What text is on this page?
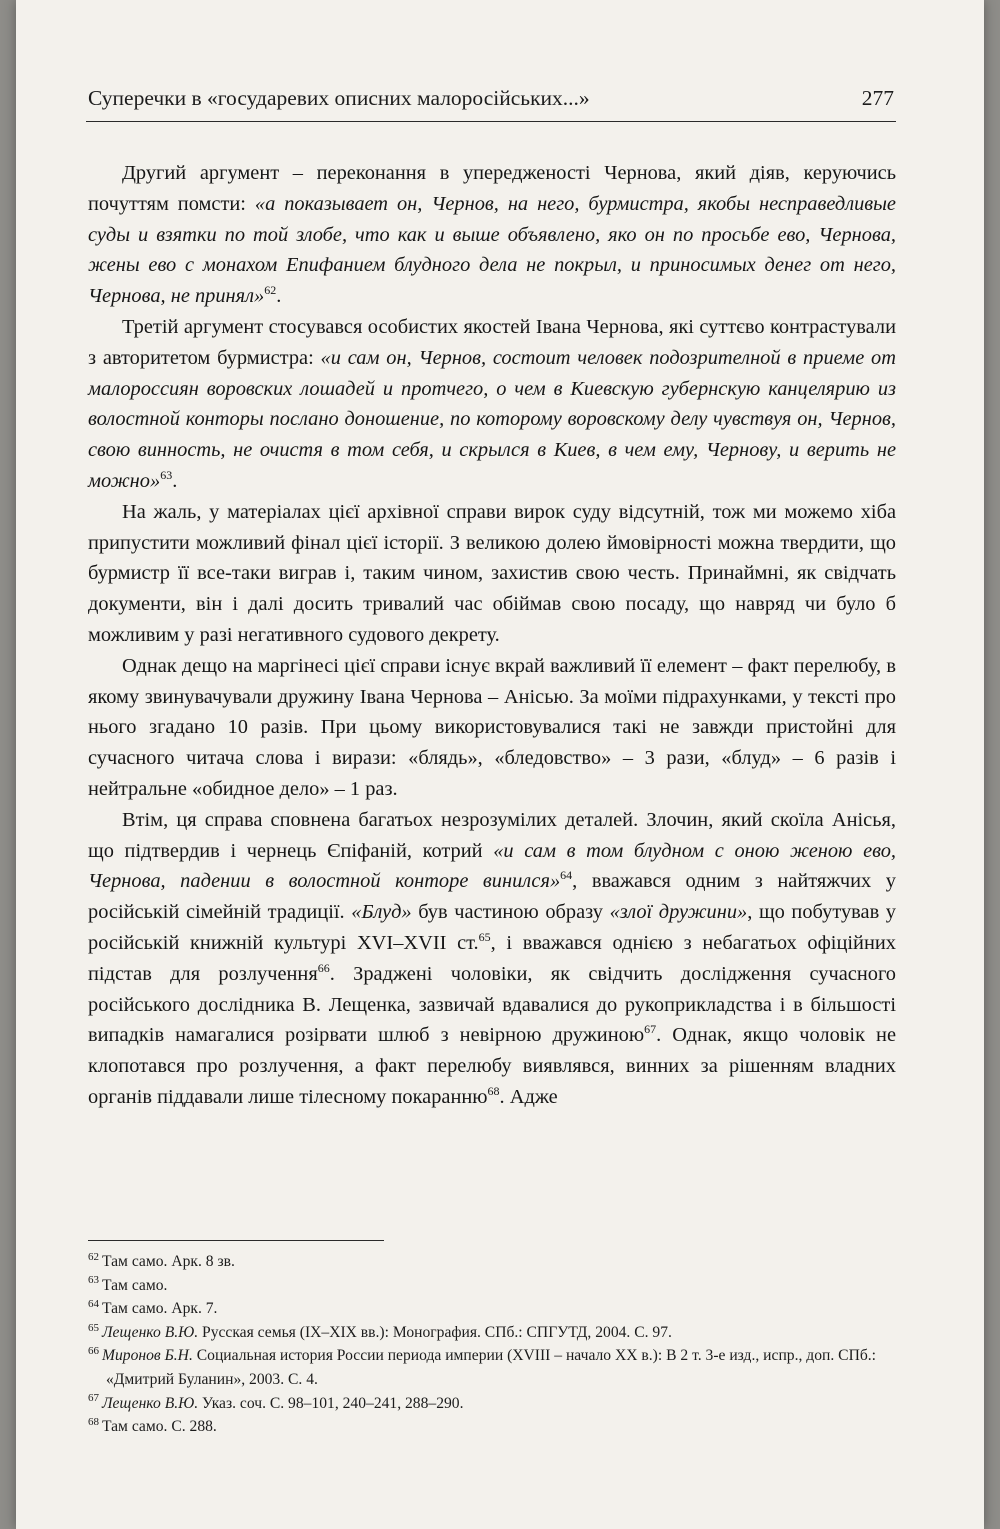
Суперечки в «государевих описних малоросійських...»	277

Другий аргумент – переконання в упередженості Чернова, який діяв, керуючись почуттям помсти: «а показывает он, Чернов, на него, бурмистра, якобы несправедливые суды и взятки по той злобе, что как и выше объявлено, яко он по просьбе ево, Чернова, жены ево с монахом Епифанием блудного дела не покрыл, и приносимых денег от него, Чернова, не принял»$^{62}$.

Третій аргумент стосувався особистих якостей Івана Чернова, які суттєво контрастували з авторитетом бурмистра: «и сам он, Чернов, состоит человек подозрителной в приеме от малороссиян воровских лошадей и протчего, о чем в Киевскую губернскую канцелярию из волостной конторы послано доношение, по которому воровскому делу чувствуя он, Чернов, свою винность, не очистя в том себя, и скрылся в Киев, в чем ему, Чернову, и верить не можно»$^{63}$.

На жаль, у матеріалах цієї архівної справи вирок суду відсутній, тож ми можемо хіба припустити можливий фінал цієї історії. З великою долею ймовірності можна твердити, що бурмистр її все-таки виграв і, таким чином, захистив свою честь. Принаймні, як свідчать документи, він і далі досить тривалий час обіймав свою посаду, що навряд чи було б можливим у разі негативного судового декрету.

Однак дещо на маргінесі цієї справи існує вкрай важливий її елемент – факт перелюбу, в якому звинувачували дружину Івана Чернова – Анісью. За моїми підрахунками, у тексті про нього згадано 10 разів. При цьому використовувалися такі не завжди пристойні для сучасного читача слова і вирази: «блядь», «бледовство» – 3 рази, «блуд» – 6 разів і нейтральне «обидное дело» – 1 раз.

Втім, ця справа сповнена багатьох незрозумілих деталей. Злочин, який скоїла Анісья, що підтвердив і чернець Єпіфаній, котрий «и сам в том блудном с оною женою ево, Чернова, падении в волостной конторе винился»$^{64}$, вважався одним з найтяжчих у російській сімейній традиції. «Блуд» був частиною образу «злої дружини», що побутував у російській книжній культурі XVI–XVII ст.$^{65}$, і вважався однією з небагатьох офіційних підстав для розлучення$^{66}$. Зраджені чоловіки, як свідчить дослідження сучасного російського дослідника В. Лещенка, зазвичай вдавалися до рукоприкладства і в більшості випадків намагалися розірвати шлюб з невірною дружиною$^{67}$. Однак, якщо чоловік не клопотався про розлучення, а факт перелюбу виявлявся, винних за рішенням владних органів піддавали лише тілесному покаранню$^{68}$. Адже

$^{62}$ Там само. Арк. 8 зв.

$^{63}$ Там само.

$^{64}$ Там само. Арк. 7.

$^{65}$ Лещенко В.Ю. Русская семья (IX–XIX вв.): Монография. СПб.: СПГУТД, 2004. С. 97.

$^{66}$ Миронов Б.Н. Социальная история России периода империи (XVIII – начало XX в.): В 2 т. 3-е изд., испр., доп. СПб.: «Дмитрий Буланин», 2003. С. 4.

$^{67}$ Лещенко В.Ю. Указ. соч. С. 98–101, 240–241, 288–290.

$^{68}$ Там само. С. 288.
